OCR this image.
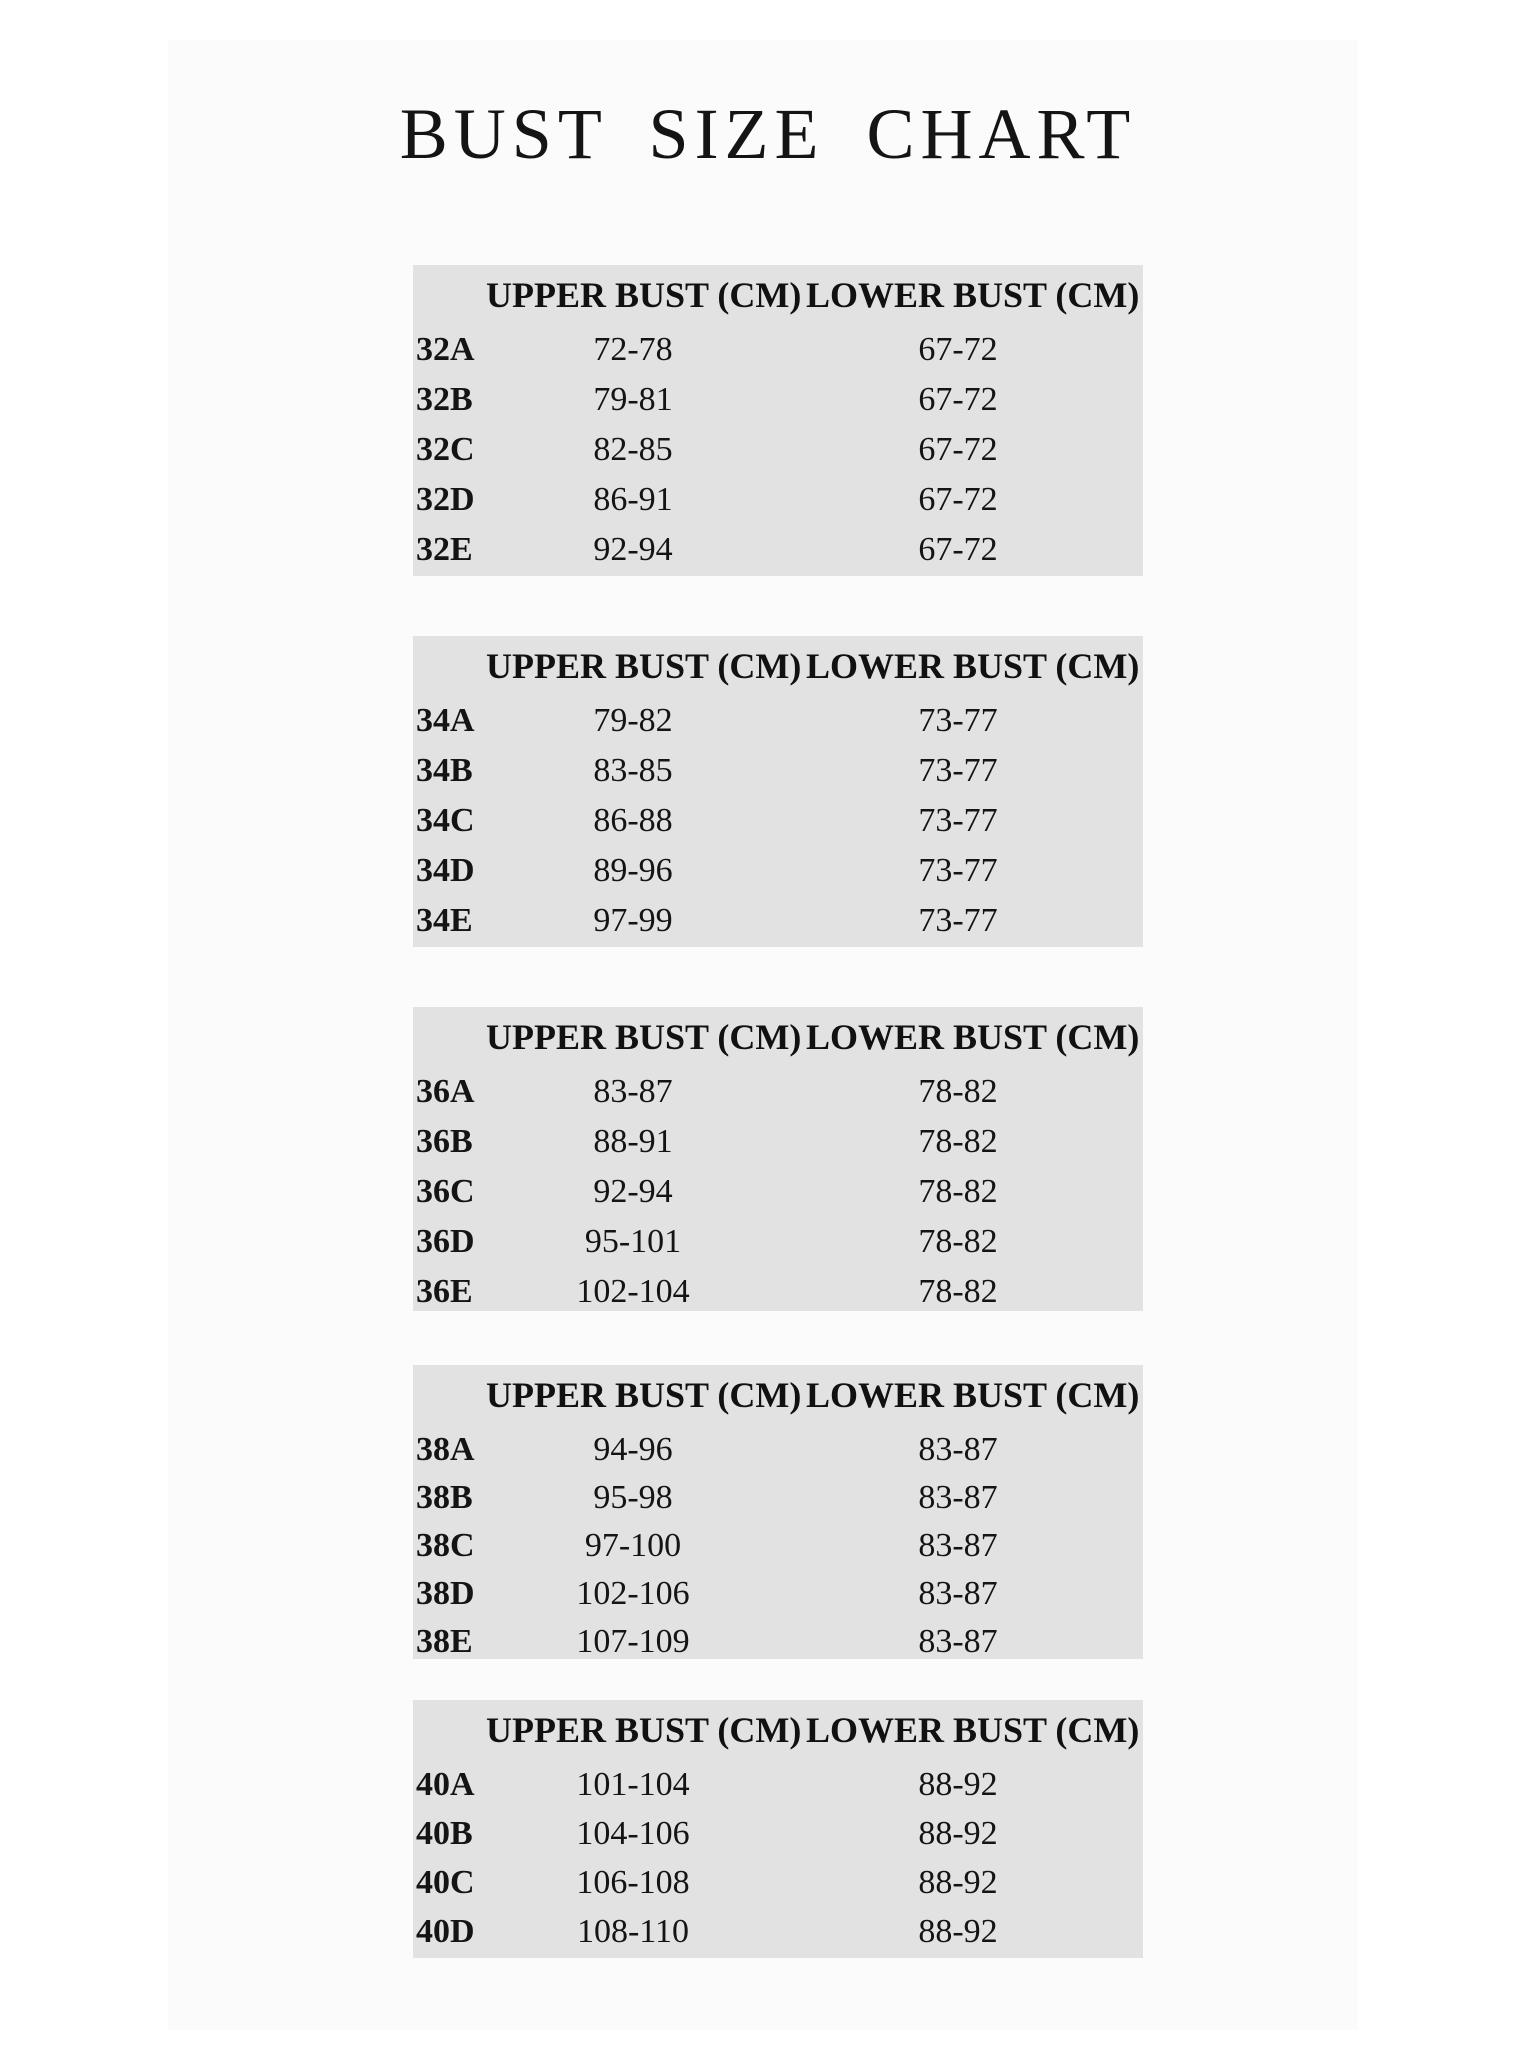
BUST SIZE CHART
UPPER BUST (CM) LOWER BUST (CM)
32A	72-78	67-72
32B	79-81	67-72
32C	82-85	67-72
32D	86-91	67-72
32E	92-94	67-72
UPPER BUST (CM) LOWER BUST (CM)
34A	79-82	73-77
34B	83-85	73-77
34C	86-88	73-77
34D	89-96	73-77
34E	97-99	73-77
UPPER BUST (CM) LOWER BUST (CM)
36A	83-87	78-82
36B	88-91	78-82
36C	92-94	78-82
36D	95-101	78-82
36E	102-104	78-82
UPPER BUST (CM) LOWER BUST (CM)
38A	94-96	83-87
38B	95-98	83-87
38C	97-100	83-87
38D	102-106	83-87
38E	107-109	83-87
UPPER BUST (CM) LOWER BUST (CM)
40A	101-104	88-92
40B	104-106	88-92
40C	106-108	88-92
40D	108-110	88-92
